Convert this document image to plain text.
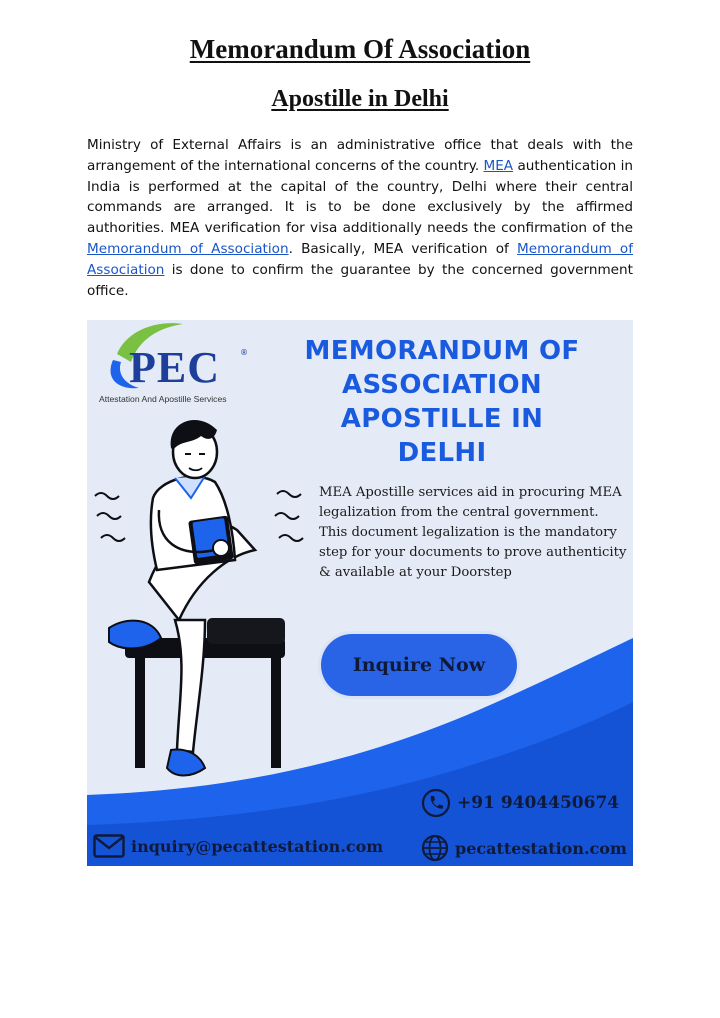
Memorandum Of Association
Apostille in Delhi

Ministry of External Affairs is an administrative office that deals with the arrangement of the international concerns of the country. MEA authentication in India is performed at the capital of the country, Delhi where their central commands are arranged. It is to be done exclusively by the affirmed authorities. MEA verification for visa additionally needs the confirmation of the Memorandum of Association. Basically, MEA verification of Memorandum of Association is done to confirm the guarantee by the concerned government office.

PEC	®

Attestation And Apostille Services

MEMORANDUM OF
ASSOCIATION
APOSTILLE IN
DELHI

MEA Apostille services aid in procuring MEA legalization from the central government. This document legalization is the mandatory step for your documents to prove authenticity & available at your Doorstep

Inquire Now
+91 9404450674
inquiry@pecattestation.com	pecattestation.com
